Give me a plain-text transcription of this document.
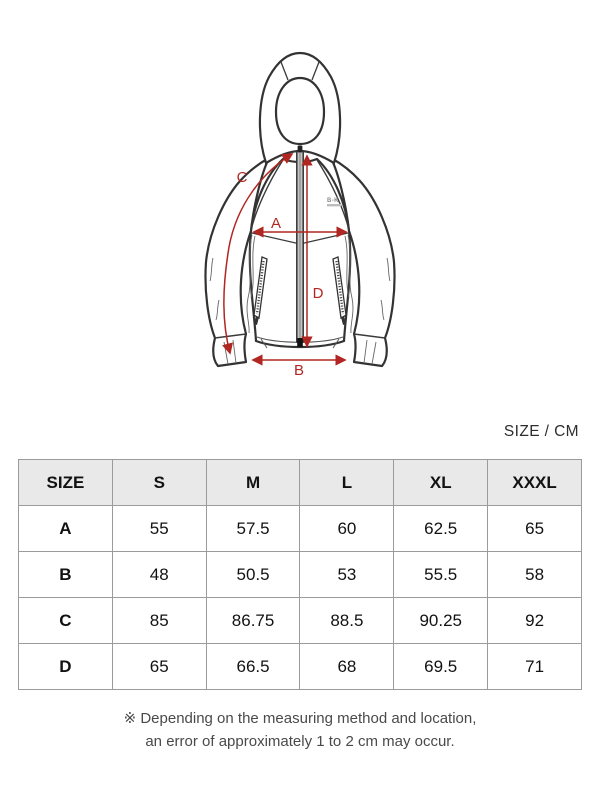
B-K
A
B
C
D
SIZE / CM
SIZE	S	M	L	XL	XXXL
A	55	57.5	60	62.5	65
B	48	50.5	53	55.5	58
C	85	86.75	88.5	90.25	92
D	65	66.5	68	69.5	71
※ Depending on the measuring method and location,
an error of approximately 1 to 2 cm may occur.
